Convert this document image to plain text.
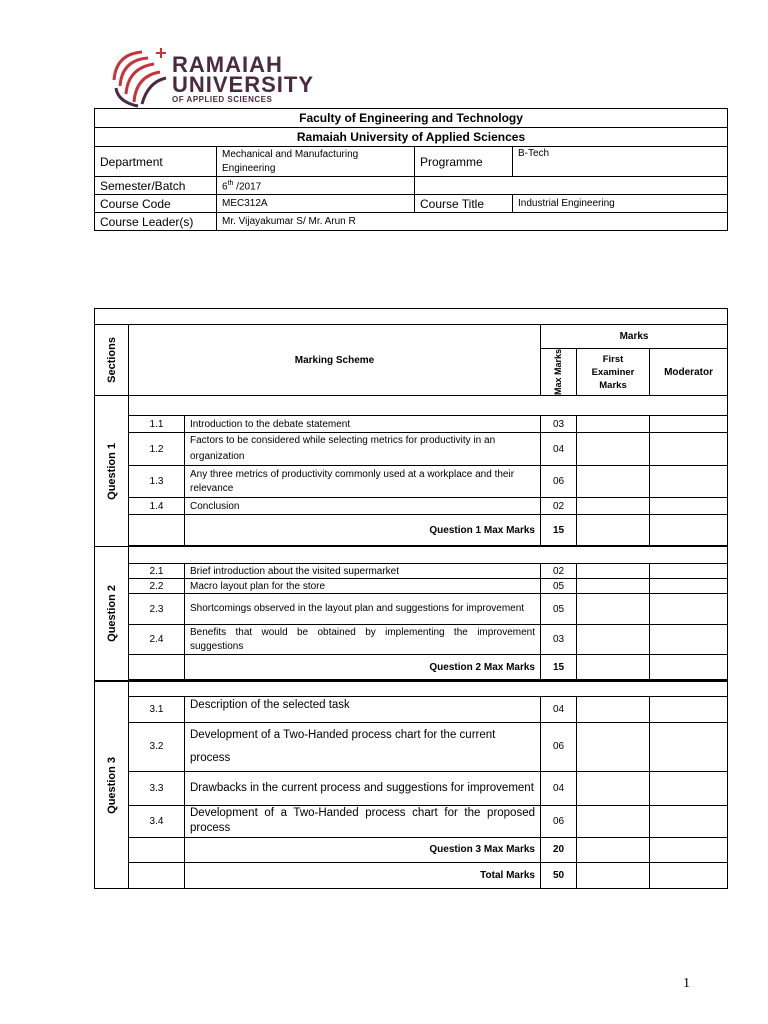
RAMAIAH
UNIVERSITY
OF APPLIED SCIENCES
Faculty of Engineering and Technology			
Ramaiah University of Applied Sciences			
Department	Mechanical and Manufacturing Engineering	Programme	B-Tech
Semester/Batch	6th /2017		
Course Code	MEC312A	Course Title	Industrial Engineering
Course Leader(s)	Mr. Vijayakumar S/ Mr. Arun R		

Sections	Marking Scheme		Marks		

			Max Marks	First Examiner Marks	Moderator

Question 1					

	1.1	Introduction to the debate statement	03		
	1.2	Factors to be considered while selecting metrics for productivity in an organization	04		
	1.3	Any three metrics of productivity commonly used at a workplace and their relevance	06		
	1.4	Conclusion	02		
		Question 1 Max Marks	15		

Question 2					

	2.1	Brief introduction about the visited supermarket	02		
	2.2	Macro layout plan for the store	05		
	2.3	Shortcomings observed in the layout plan and suggestions for improvement	05		
	2.4	Benefits that would be obtained by implementing the improvement suggestions	03		
		Question 2 Max Marks	15		

Question 3					

	3.1	Description of the selected task	04		
	3.2	Development of a Two-Handed process chart for the current process	06		
	3.3	Drawbacks in the current process and suggestions for improvement	04		
	3.4	Development of a Two-Handed process chart for the proposed process	06		
		Question 3 Max Marks	20		
		Total Marks	50		

1
